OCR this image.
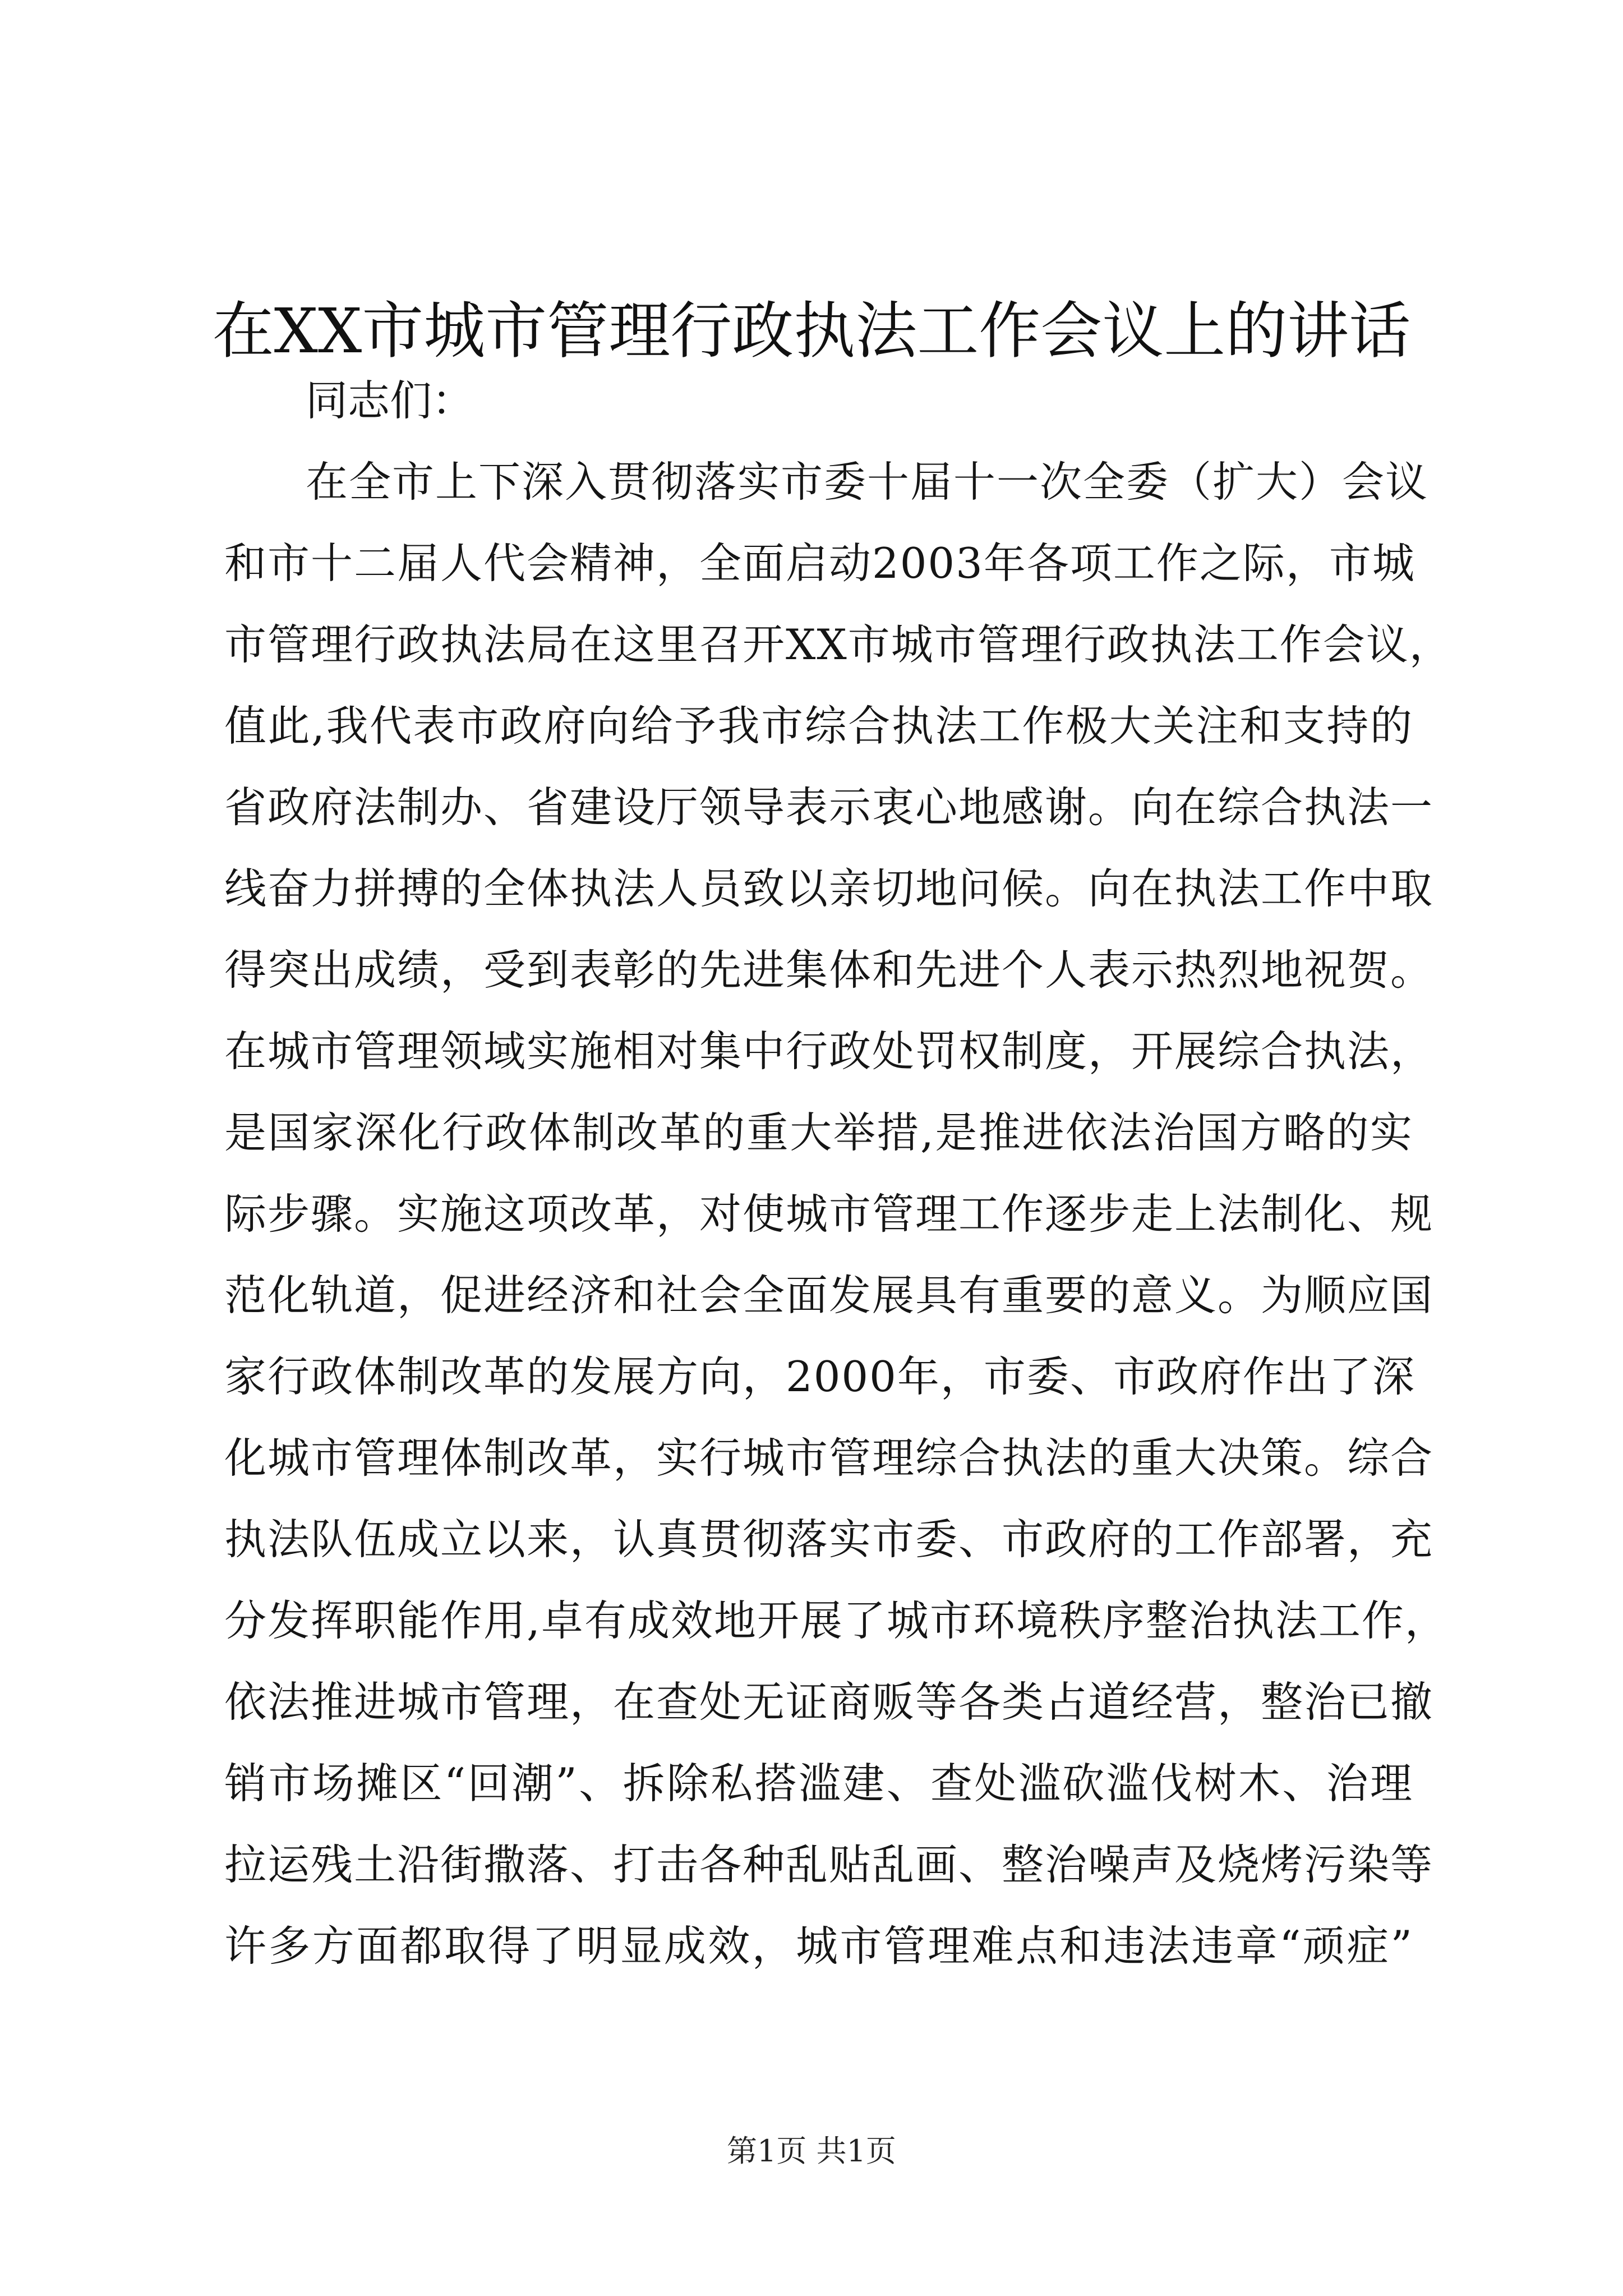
在XX市城市管理行政执法工作会议上的讲话
同志们：
在全市上下深入贯彻落实市委十届十一次全委（扩大）会议
和市十二届人代会精神，全面启动2003年各项工作之际，市城
市管理行政执法局在这里召开XX市城市管理行政执法工作会议，
值此,我代表市政府向给予我市综合执法工作极大关注和支持的
省政府法制办、省建设厅领导表示衷心地感谢。向在综合执法一
线奋力拼搏的全体执法人员致以亲切地问候。向在执法工作中取
得突出成绩，受到表彰的先进集体和先进个人表示热烈地祝贺。
在城市管理领域实施相对集中行政处罚权制度，开展综合执法，
是国家深化行政体制改革的重大举措,是推进依法治国方略的实
际步骤。实施这项改革，对使城市管理工作逐步走上法制化、规
范化轨道，促进经济和社会全面发展具有重要的意义。为顺应国
家行政体制改革的发展方向，2000年，市委、市政府作出了深
化城市管理体制改革，实行城市管理综合执法的重大决策。综合
执法队伍成立以来，认真贯彻落实市委、市政府的工作部署，充
分发挥职能作用,卓有成效地开展了城市环境秩序整治执法工作，
依法推进城市管理，在查处无证商贩等各类占道经营，整治已撤
销市场摊区“回潮”、拆除私搭滥建、查处滥砍滥伐树木、治理
拉运残土沿街撒落、打击各种乱贴乱画、整治噪声及烧烤污染等
许多方面都取得了明显成效，城市管理难点和违法违章“顽症”
第1页 共1页
